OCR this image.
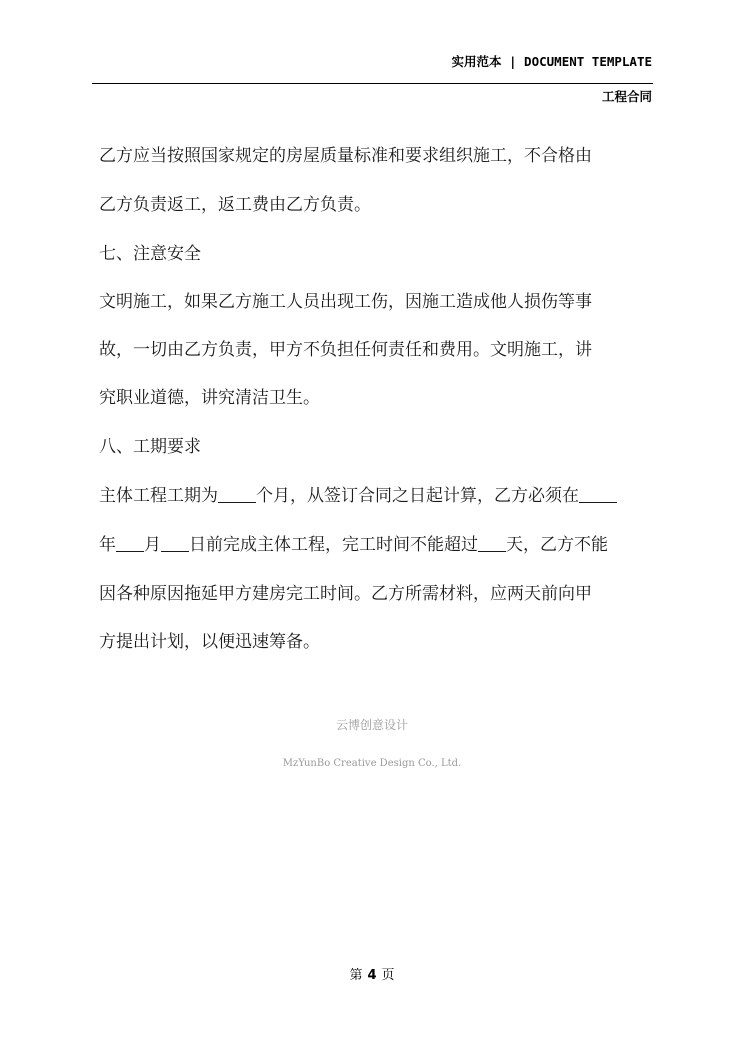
实用范本 | DOCUMENT TEMPLATE
工程合同
乙方应当按照国家规定的房屋质量标准和要求组织施工，不合格由
乙方负责返工，返工费由乙方负责。
七、注意安全
文明施工，如果乙方施工人员出现工伤，因施工造成他人损伤等事
故，一切由乙方负责，甲方不负担任何责任和费用。文明施工，讲
究职业道德，讲究清洁卫生。
八、工期要求
主体工程工期为 个月，从签订合同之日起计算，乙方必须在
年 月 日前完成主体工程，完工时间不能超过 天，乙方不能
因各种原因拖延甲方建房完工时间。乙方所需材料，应两天前向甲
方提出计划，以便迅速筹备。
云博创意设计
MzYunBo Creative Design Co., Ltd.
第 4 页
